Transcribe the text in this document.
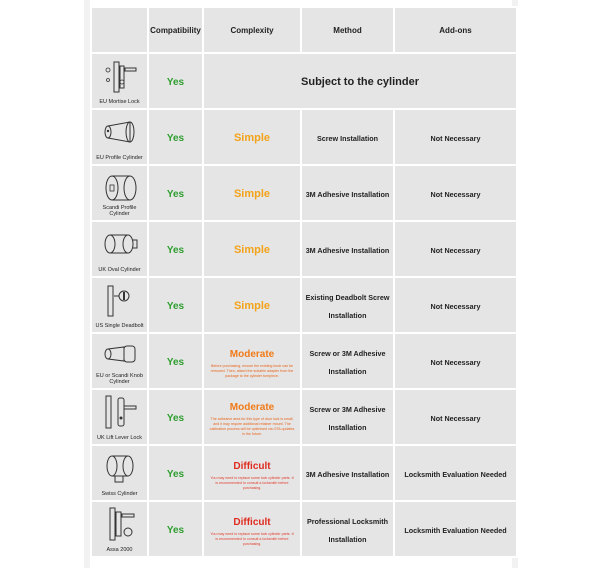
	Compatibility	Complexity	Method	Add-ons

EU Mortise Lock	Yes	Subject to the cylinder		

EU Profile Cylinder	Yes	Simple	Screw Installation	Not Necessary

Scandi Profile Cylinder	Yes	Simple	3M Adhesive Installation	Not Necessary

UK Oval Cylinder	Yes	Simple	3M Adhesive Installation	Not Necessary

US Single Deadbolt	Yes	Simple	Existing Deadbolt Screw Installation	Not Necessary

EU or Scandi Knob Cylinder	Yes	Moderate
Before purchasing, ensure the existing knob can be removed. Then, attach the suitable adapter from the package to the cylinder turnpiece.	Screw or 3M Adhesive Installation	Not Necessary

UK Lift Lever Lock	Yes	Moderate
The adhesive area for this type of door lock is small, and it may require additional retainer mount. The calibration process will be optimised via OTA updates in the future.	Screw or 3M Adhesive Installation	Not Necessary

Swiss Cylinder	Yes	Difficult
You may need to replace some lock cylinder parts. It is recommended to consult a locksmith before purchasing.	3M Adhesive Installation	Locksmith Evaluation Needed

Assa 2000	Yes	Difficult
You may need to replace some lock cylinder parts. It is recommended to consult a locksmith before purchasing.	Professional Locksmith Installation	Locksmith Evaluation Needed
